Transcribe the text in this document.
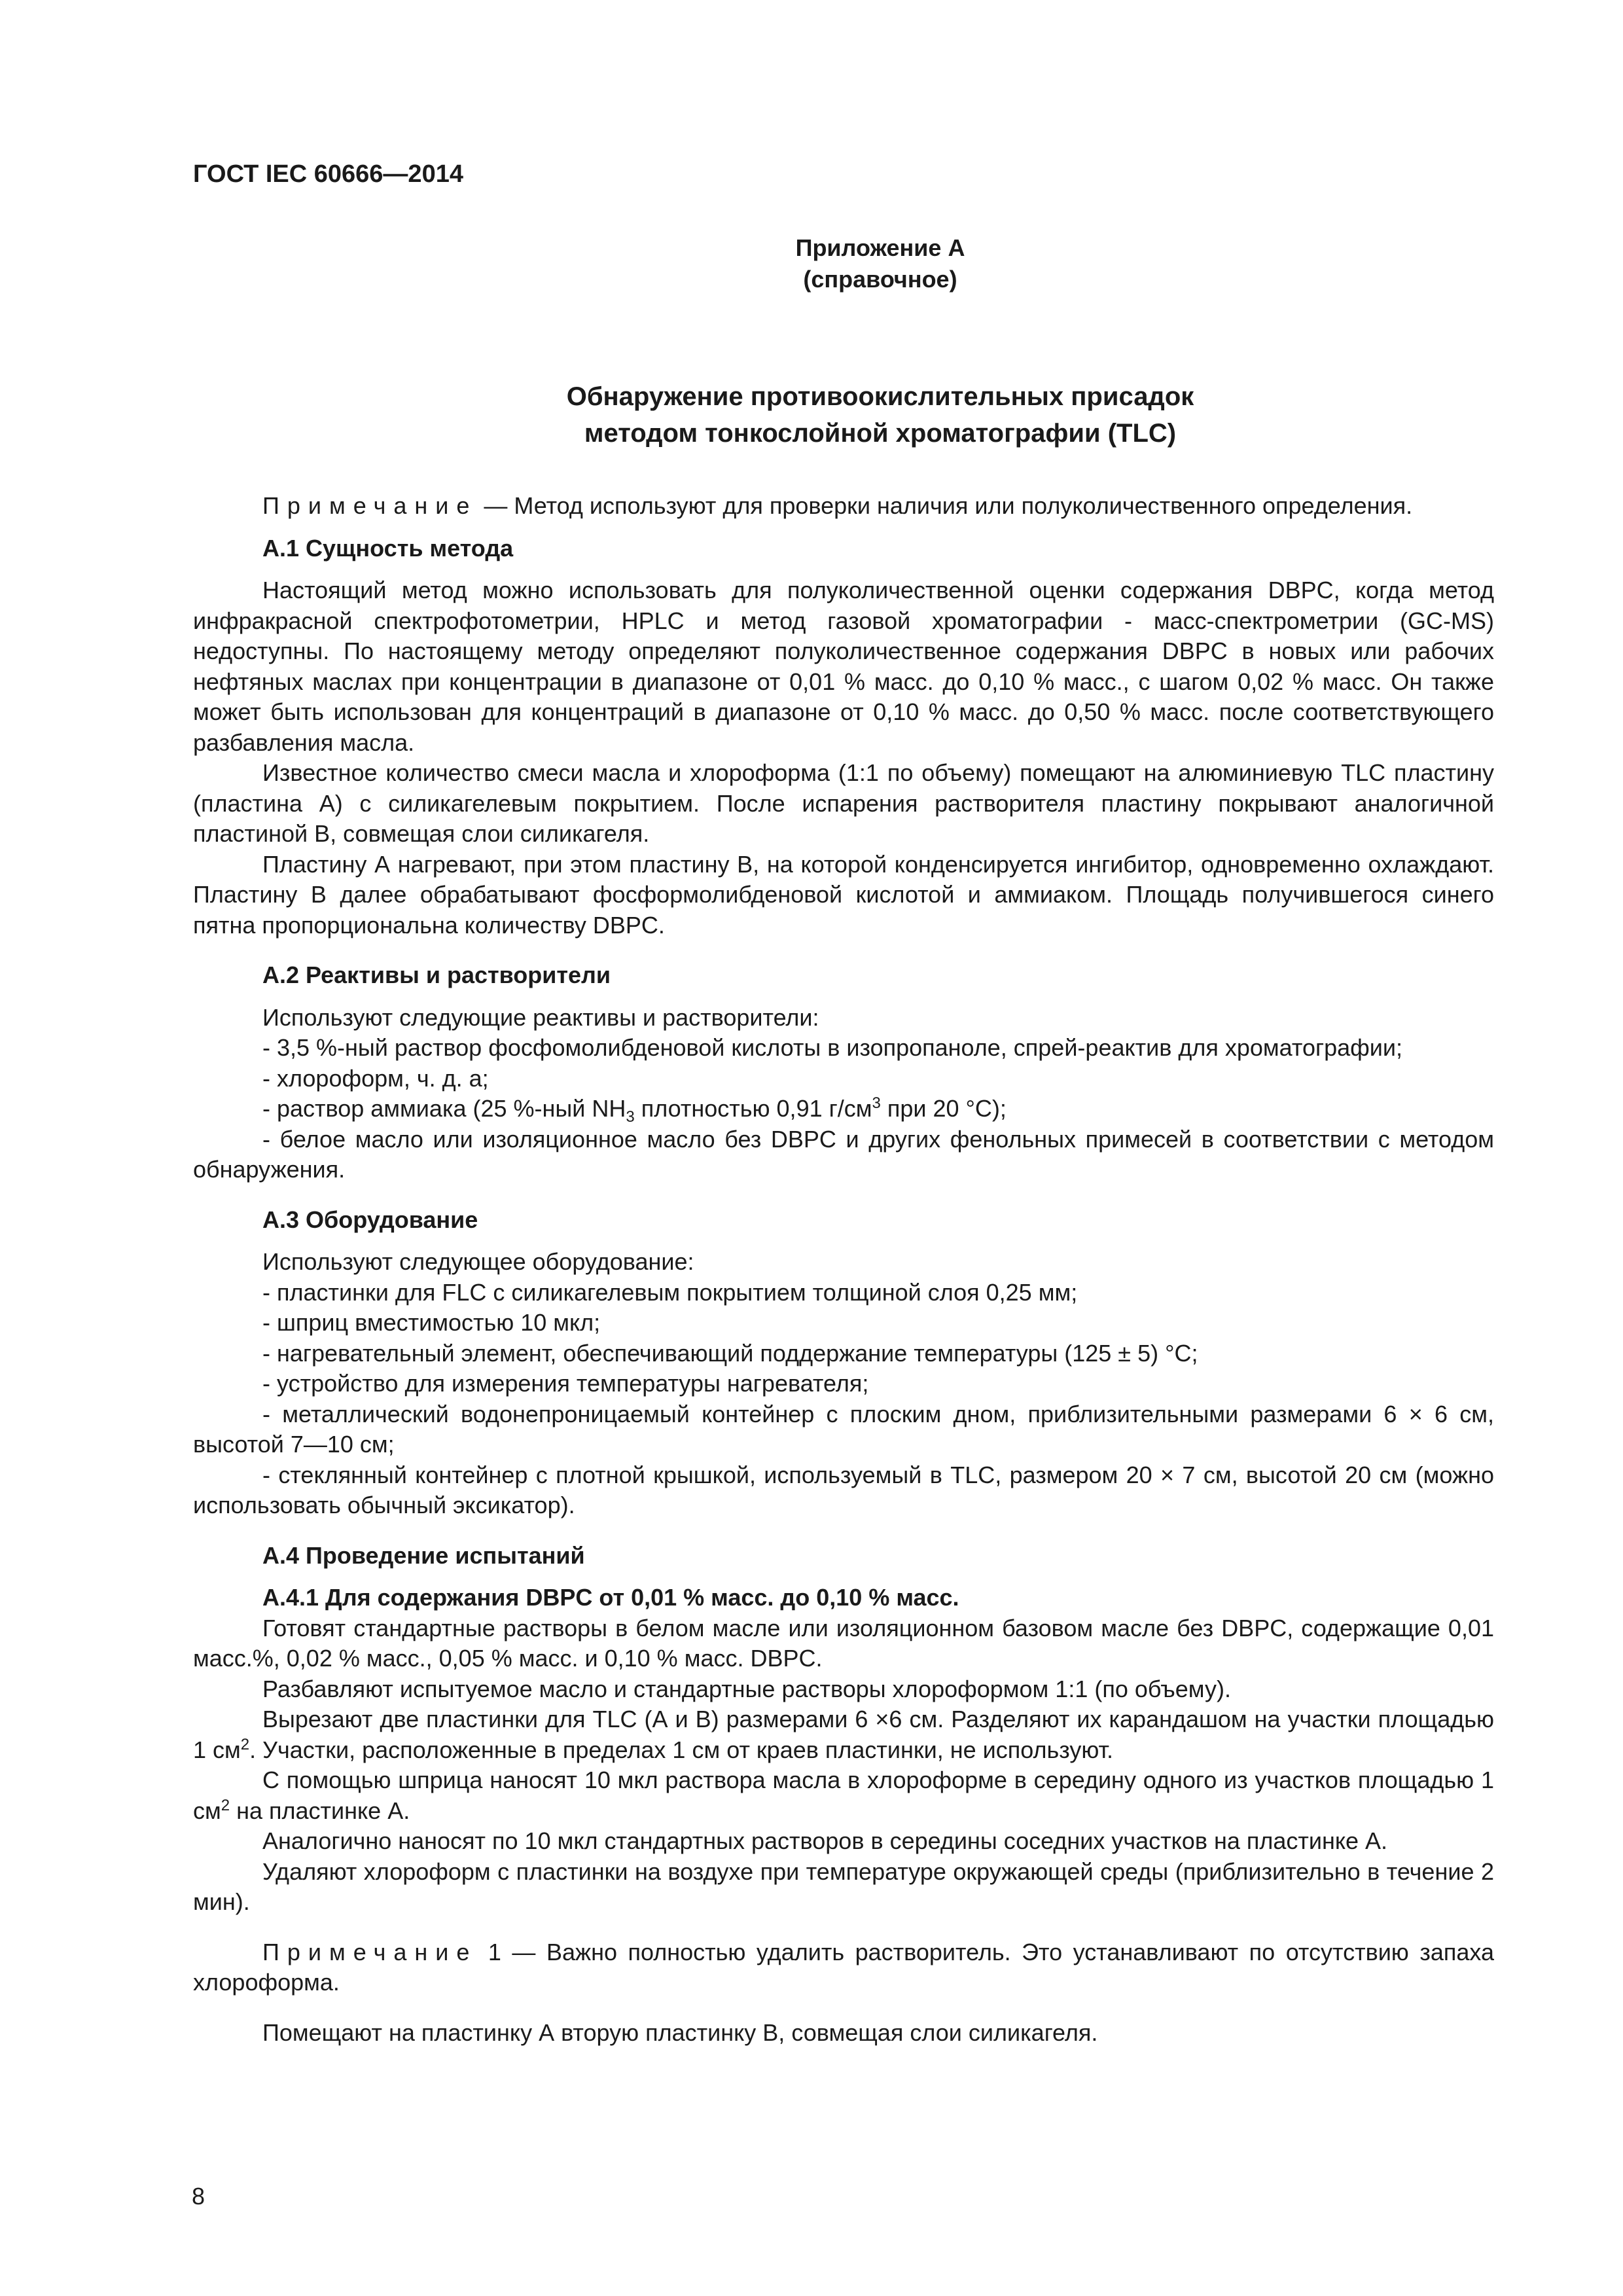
ГОСТ IEC 60666—2014
Приложение А
(справочное)
Обнаружение противоокислительных присадок
методом тонкослойной хроматографии (TLC)

Примечание — Метод используют для проверки наличия или полуколичественного определения.

А.1 Сущность метода

Настоящий метод можно использовать для полуколичественной оценки содержания DBPC, когда метод инфракрасной спектрофотометрии, HPLC и метод газовой хроматографии - масс-спектрометрии (GC-MS) недоступны. По настоящему методу определяют полуколичественное содержания DBPC в новых или рабочих нефтяных маслах при концентрации в диапазоне от 0,01 % масс. до 0,10 % масс., с шагом 0,02 % масс. Он также может быть использован для концентраций в диапазоне от 0,10 % масс. до 0,50 % масс. после соответствующего разбавления масла.

Известное количество смеси масла и хлороформа (1:1 по объему) помещают на алюминиевую TLC пластину (пластина А) с силикагелевым покрытием. После испарения растворителя пластину покрывают аналогичной пластиной В, совмещая слои силикагеля.

Пластину А нагревают, при этом пластину В, на которой конденсируется ингибитор, одновременно охлаждают. Пластину В далее обрабатывают фосформолибденовой кислотой и аммиаком. Площадь получившегося синего пятна пропорциональна количеству DBPC.

А.2 Реактивы и растворители

Используют следующие реактивы и растворители:

- 3,5 %-ный раствор фосфомолибденовой кислоты в изопропаноле, спрей-реактив для хроматографии;

- хлороформ, ч. д. а;

- раствор аммиака (25 %-ный $NH_3$ плотностью 0,91 $г/см^3$ при 20 °С);

- белое масло или изоляционное масло без DBPC и других фенольных примесей в соответствии с методом обнаружения.

А.3 Оборудование

Используют следующее оборудование:

- пластинки для FLC с силикагелевым покрытием толщиной слоя 0,25 мм;

- шприц вместимостью 10 мкл;

- нагревательный элемент, обеспечивающий поддержание температуры (125 ± 5) °С;

- устройство для измерения температуры нагревателя;

- металлический водонепроницаемый контейнер с плоским дном, приблизительными размерами 6 × 6 см, высотой 7—10 см;

- стеклянный контейнер с плотной крышкой, используемый в TLC, размером 20 × 7 см, высотой 20 см (можно использовать обычный эксикатор).

А.4 Проведение испытаний

А.4.1 Для содержания DBPC от 0,01 % масс. до 0,10 % масс.

Готовят стандартные растворы в белом масле или изоляционном базовом масле без DBPC, содержащие 0,01 масс.%, 0,02 % масс., 0,05 % масс. и 0,10 % масс. DBPC.

Разбавляют испытуемое масло и стандартные растворы хлороформом 1:1 (по объему).

Вырезают две пластинки для TLC (А и В) размерами 6 ×6 см. Разделяют их карандашом на участки площадью 1 $см^2$. Участки, расположенные в пределах 1 см от краев пластинки, не используют.

С помощью шприца наносят 10 мкл раствора масла в хлороформе в середину одного из участков площадью 1 $см^2$ на пластинке А.

Аналогично наносят по 10 мкл стандартных растворов в середины соседних участков на пластинке А.

Удаляют хлороформ с пластинки на воздухе при температуре окружающей среды (приблизительно в течение 2 мин).

Примечание 1 — Важно полностью удалить растворитель. Это устанавливают по отсутствию запаха хлороформа.

Помещают на пластинку А вторую пластинку В, совмещая слои силикагеля.

8
